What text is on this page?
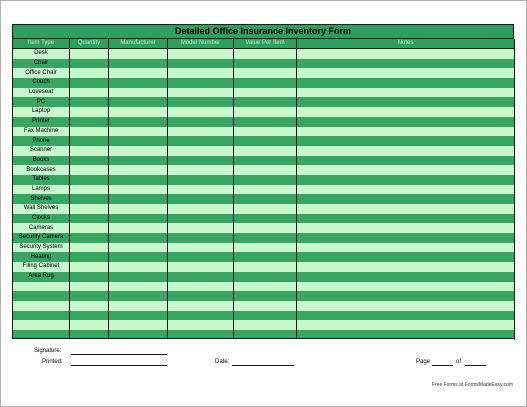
Detailed Office Insurance Inventory Form
Item Type	Quantity	Manufacturer	Model Number	Value Per Item	Notes
Desk					
Chair					
Office Chair					
Couch					
Loveseat					
PC					
Laptop					
Printer					
Fax Machine					
Phone					
Scanner					
Books					
Bookcases					
Tables					
Lamps					
Shelves					
Wall Shelves					
Clocks					
Cameras					
Security Camera					
Security System					
Heating					
Filing Cabinet					
Area Rug					

Signature:
Printed:	Date:	Page	of
Free Forms at FormsMadeEasy.com
